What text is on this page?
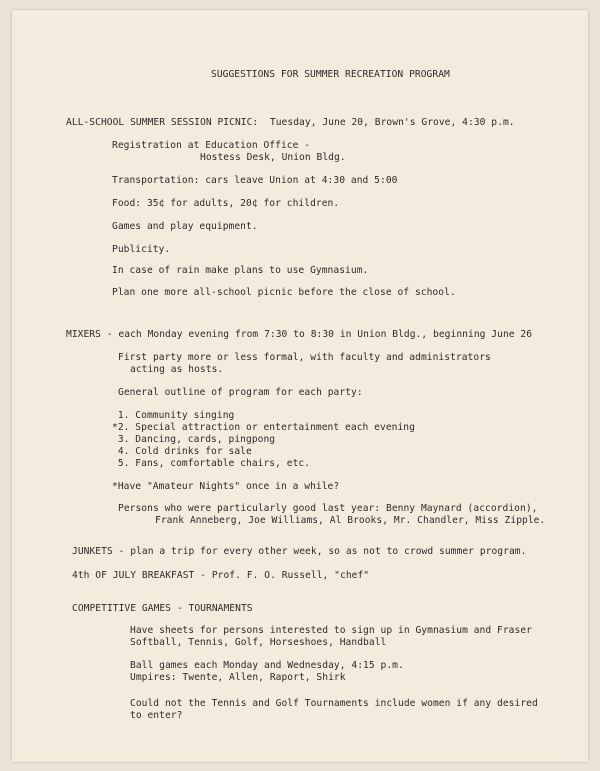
SUGGESTIONS FOR SUMMER RECREATION PROGRAM

ALL-SCHOOL SUMMER SESSION PICNIC:  Tuesday, June 20, Brown's Grove, 4:30 p.m.

Registration at Education Office -

Hostess Desk, Union Bldg.

Transportation: cars leave Union at 4:30 and 5:00

Food: 35¢ for adults, 20¢ for children.

Games and play equipment.

Publicity.

In case of rain make plans to use Gymnasium.

Plan one more all-school picnic before the close of school.

MIXERS - each Monday evening from 7:30 to 8:30 in Union Bldg., beginning June 26

First party more or less formal, with faculty and administrators

acting as hosts.

General outline of program for each party:

1. Community singing

*2. Special attraction or entertainment each evening

3. Dancing, cards, pingpong

4. Cold drinks for sale

5. Fans, comfortable chairs, etc.

*Have "Amateur Nights" once in a while?

Persons who were particularly good last year: Benny Maynard (accordion),

Frank Anneberg, Joe Williams, Al Brooks, Mr. Chandler, Miss Zipple.

JUNKETS - plan a trip for every other week, so as not to crowd summer program.

4th OF JULY BREAKFAST - Prof. F. O. Russell, "chef"

COMPETITIVE GAMES - TOURNAMENTS

Have sheets for persons interested to sign up in Gymnasium and Fraser

Softball, Tennis, Golf, Horseshoes, Handball

Ball games each Monday and Wednesday, 4:15 p.m.

Umpires: Twente, Allen, Raport, Shirk

Could not the Tennis and Golf Tournaments include women if any desired

to enter?
